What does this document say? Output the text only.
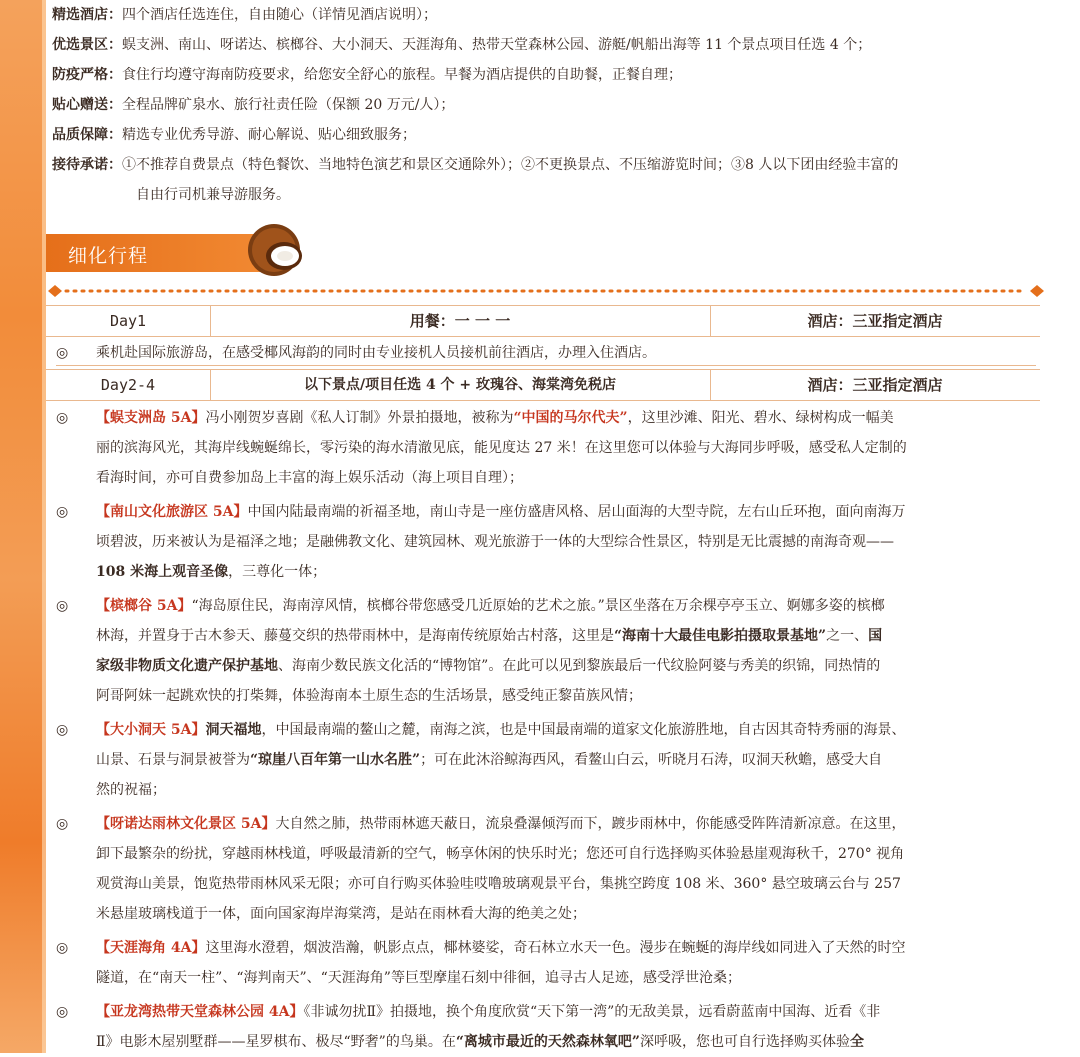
精选酒店：四个酒店任选连住，自由随心（详情见酒店说明）；
优选景区：蜈支洲、南山、呀诺达、槟榔谷、大小洞天、天涯海角、热带天堂森林公园、游艇/帆船出海等 11 个景点项目任选 4 个；
防疫严格：食住行均遵守海南防疫要求，给您安全舒心的旅程。早餐为酒店提供的自助餐，正餐自理；
贴心赠送：全程品牌矿泉水、旅行社责任险（保额 20 万元/人）；
品质保障：精选专业优秀导游、耐心解说、贴心细致服务；
接待承诺：①不推荐自费景点（特色餐饮、当地特色演艺和景区交通除外）；②不更换景点、不压缩游览时间；③8 人以下团由经验丰富的
自由行司机兼导游服务。
细化行程
Day1	用餐：一 一 一	酒店：三亚指定酒店
◎ 乘机赴国际旅游岛，在感受椰风海韵的同时由专业接机人员接机前往酒店，办理入住酒店。
Day2-4	以下景点/项目任选 4 个 + 玫瑰谷、海棠湾免税店	酒店：三亚指定酒店
◎	【蜈支洲岛 5A】冯小刚贺岁喜剧《私人订制》外景拍摄地，被称为“中国的马尔代夫”，这里沙滩、阳光、碧水、绿树构成一幅美
丽的滨海风光，其海岸线蜿蜒绵长，零污染的海水清澈见底，能见度达 27 米！在这里您可以体验与大海同步呼吸，感受私人定制的
看海时间，亦可自费参加岛上丰富的海上娱乐活动（海上项目自理）；
◎	【南山文化旅游区 5A】中国内陆最南端的祈福圣地，南山寺是一座仿盛唐风格、居山面海的大型寺院，左右山丘环抱，面向南海万
顷碧波，历来被认为是福泽之地；是融佛教文化、建筑园林、观光旅游于一体的大型综合性景区，特别是无比震撼的南海奇观——
108 米海上观音圣像，三尊化一体；
◎	【槟榔谷 5A】“海岛原住民，海南淳风情，槟榔谷带您感受几近原始的艺术之旅。”景区坐落在万余棵亭亭玉立、婀娜多姿的槟榔
林海，并置身于古木参天、藤蔓交织的热带雨林中，是海南传统原始古村落，这里是“海南十大最佳电影拍摄取景基地”之一、国
家级非物质文化遗产保护基地、海南少数民族文化活的“博物馆”。在此可以见到黎族最后一代纹脸阿婆与秀美的织锦，同热情的
阿哥阿妹一起跳欢快的打柴舞，体验海南本土原生态的生活场景，感受纯正黎苗族风情；
◎	【大小洞天 5A】洞天福地，中国最南端的鳌山之麓，南海之滨，也是中国最南端的道家文化旅游胜地，自古因其奇特秀丽的海景、
山景、石景与洞景被誉为“琼崖八百年第一山水名胜”；可在此沐浴鲸海西风，看鳌山白云，听晓月石涛，叹洞天秋蟾，感受大自
然的祝福；
◎	【呀诺达雨林文化景区 5A】大自然之肺，热带雨林遮天蔽日，流泉叠瀑倾泻而下，踱步雨林中，你能感受阵阵清新凉意。在这里，
卸下最繁杂的纷扰，穿越雨林栈道，呼吸最清新的空气，畅享休闲的快乐时光；您还可自行选择购买体验悬崖观海秋千，270° 视角
观赏海山美景，饱览热带雨林风采无限；亦可自行购买体验哇哎噜玻璃观景平台，集挑空跨度 108 米、360° 悬空玻璃云台与 257
米悬崖玻璃栈道于一体，面向国家海岸海棠湾，是站在雨林看大海的绝美之处；
◎	【天涯海角 4A】这里海水澄碧，烟波浩瀚，帆影点点，椰林婆娑，奇石林立水天一色。漫步在蜿蜒的海岸线如同进入了天然的时空
隧道，在“南天一柱”、“海判南天”、“天涯海角”等巨型摩崖石刻中徘徊，追寻古人足迹，感受浮世沧桑；
◎	【亚龙湾热带天堂森林公园 4A】《非诚勿扰Ⅱ》拍摄地，换个角度欣赏“天下第一湾”的无敌美景，远看蔚蓝南中国海、近看《非
Ⅱ》电影木屋别墅群——星罗棋布、极尽“野奢”的鸟巢。在“离城市最近的天然森林氧吧”深呼吸，您也可自行选择购买体验全
